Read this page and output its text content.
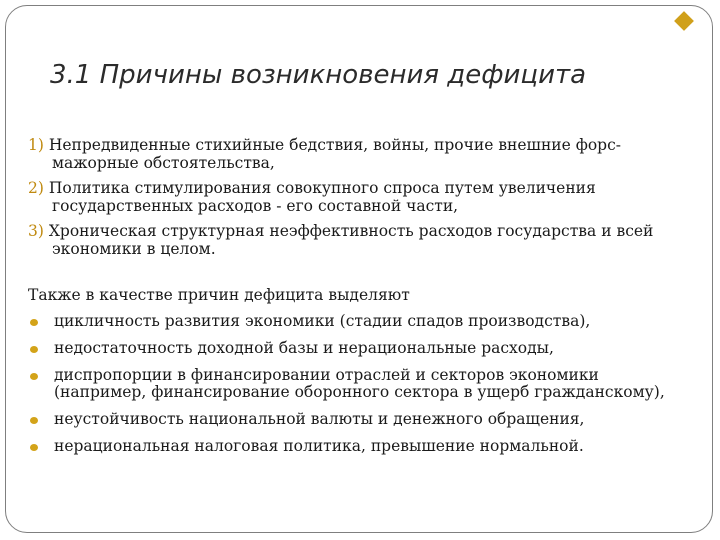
3.1 Причины возникновения дефицита
1) Непредвиденные стихийные бедствия, войны, прочие внешние форс-мажорные обстоятельства,
2) Политика стимулирования совокупного спроса путем увеличения государственных расходов - его составной части,
3) Хроническая структурная неэффективность расходов государства и всей экономики в целом.
Также в качестве причин дефицита выделяют
цикличность развития экономики (стадии спадов производства),
недостаточность доходной базы и нерациональные расходы,
диспропорции в финансировании отраслей и секторов экономики (например, финансирование оборонного сектора в ущерб гражданскому),
неустойчивость национальной валюты и денежного обращения,
нерациональная налоговая политика, превышение нормальной.
